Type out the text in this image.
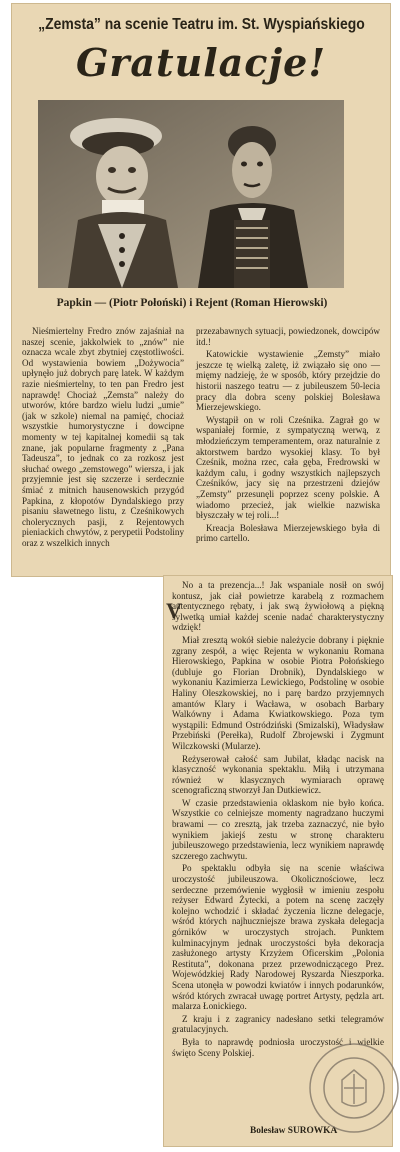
„Zemsta” na scenie Teatru im. St. Wyspiańskiego
Gratulacje!
Papkin — (Piotr Połoński) i Rejent (Roman Hierowski)

Nieśmiertelny Fredro znów zajaśniał na naszej scenie, jakkolwiek to „znów” nie oznacza wcale zbyt zbytniej częstotliwości. Od wystawienia bowiem „Dożywocia” upłynęło już dobrych parę latek. W każdym razie nieśmiertelny, to ten pan Fredro jest naprawdę! Chociaż „Zemsta” należy do utworów, które bardzo wielu ludzi „umie” (jak w szkole) niemal na pamięć, chociaż wszystkie humorystyczne i dowcipne momenty w tej kapitalnej komedii są tak znane, jak popularne fragmenty z „Pana Tadeusza”, to jednak co za rozkosz jest słuchać owego „zemstowego” wiersza, i jak przyjemnie jest się szczerze i serdecznie śmiać z mitnich hausenowskich przygód Papkina, z kłopotów Dyndalskiego przy pisaniu sławetnego listu, z Cześnikowych cholerycznych pasji, z Rejentowych pieniackich chwytów, z perypetii Podstoliny oraz z wszelkich innych

przezabawnych sytuacji, powiedzonek, dowcipów itd.!

Katowickie wystawienie „Zemsty” miało jeszcze tę wielką zaletę, iż związało się ono — mięmy nadzieję, że w sposób, który przejdzie do historii naszego teatru — z jubileuszem 50-lecia pracy dla dobra sceny polskiej Bolesława Mierzejewskiego.

Wystąpił on w roli Cześnika. Zagrał go w wspaniałej formie, z sympatyczną werwą, z młodzieńczym temperamentem, oraz naturalnie z aktorstwem bardzo wysokiej klasy. To był Cześnik, można rzec, cała gęba, Fredrowski w każdym calu, i godny wszystkich najlepszych Cześników, jacy się na przestrzeni dziejów „Zemsty” przesunęli poprzez sceny polskie. A wiadomo przecież, jak wielkie nazwiska błyszczały w tej roli...!

Kreacja Bolesława Mierzejewskiego była di primo cartello.

V

No a ta prezencja...! Jak wspaniale nosił on swój kontusz, jak ciał powietrze karabelą z rozmachem autentycznego rębaty, i jak swą żywiołową a piękną sylwetką umiał każdej scenie nadać charakterystyczny wdzięk!

Miał zresztą wokół siebie należycie dobrany i pięknie zgrany zespół, a więc Rejenta w wykonaniu Romana Hierowskiego, Papkina w osobie Piotra Połońskiego (dubluje go Florian Drobnik), Dyndalskiego w wykonaniu Kazimierza Lewickiego, Podstolinę w osobie Haliny Oleszkowskiej, no i parę bardzo przyjemnych amantów Klary i Wacława, w osobach Barbary Walkówny i Adama Kwiatkowskiego. Poza tym wystąpili: Edmund Ostródziński (Smizalski), Władysław Przebiński (Perełka), Rudolf Zbrojewski i Zygmunt Wilczkowski (Mularze).

Reżyserował całość sam Jubilat, kładąc nacisk na klasyczność wykonania spektaklu. Miłą i utrzymana również w klasycznych wymiarach oprawę scenograficzną stworzył Jan Dutkiewicz.

W czasie przedstawienia oklaskom nie było końca. Wszystkie co celniejsze momenty nagradzano huczymi brawami — co zresztą, jak trzeba zaznaczyć, nie było wynikiem jakiejś zestu w stronę charakteru jubileuszowego przedstawienia, lecz wynikiem naprawdę szczerego zachwytu.

Po spektaklu odbyła się na scenie właściwa uroczystość jubileuszowa. Okolicznościowe, lecz serdeczne przemówienie wygłosił w imieniu zespołu reżyser Edward Żytecki, a potem na scenę zaczęły kolejno wchodzić i składać życzenia liczne delegacje, wśród których najhuczniejsze brawa zyskała delegacja górników w uroczystych strojach. Punktem kulminacyjnym jednak uroczystości była dekoracja zasłużonego artysty Krzyżem Oficerskim „Polonia Restituta”, dokonana przez przewodniczącego Prez. Wojewódzkiej Rady Narodowej Ryszarda Nieszporka. Scena utonęła w powodzi kwiatów i innych podarunków, wśród których zwracał uwagę portret Artysty, pędzla art. malarza Łonickiego.

Z kraju i z zagranicy nadesłano setki telegramów gratulacyjnych.

Była to naprawdę podniosła uroczystość i wielkie święto Sceny Polskiej.

Bolesław SUROWKA
